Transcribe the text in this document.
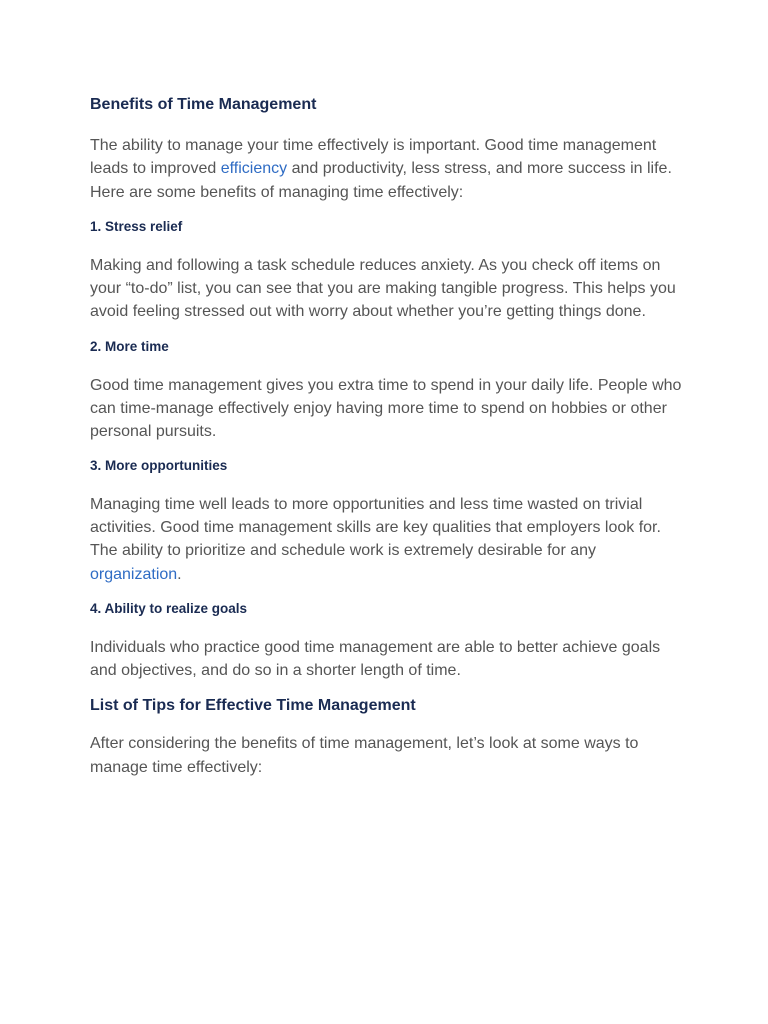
Benefits of Time Management

The ability to manage your time effectively is important. Good time management leads to improved efficiency and productivity, less stress, and more success in life. Here are some benefits of managing time effectively:

1. Stress relief

Making and following a task schedule reduces anxiety. As you check off items on your “to-do” list, you can see that you are making tangible progress. This helps you avoid feeling stressed out with worry about whether you’re getting things done.

2. More time

Good time management gives you extra time to spend in your daily life. People who can time-manage effectively enjoy having more time to spend on hobbies or other personal pursuits.

3. More opportunities

Managing time well leads to more opportunities and less time wasted on trivial activities. Good time management skills are key qualities that employers look for. The ability to prioritize and schedule work is extremely desirable for any organization.

4. Ability to realize goals

Individuals who practice good time management are able to better achieve goals and objectives, and do so in a shorter length of time.

List of Tips for Effective Time Management

After considering the benefits of time management, let’s look at some ways to manage time effectively:
